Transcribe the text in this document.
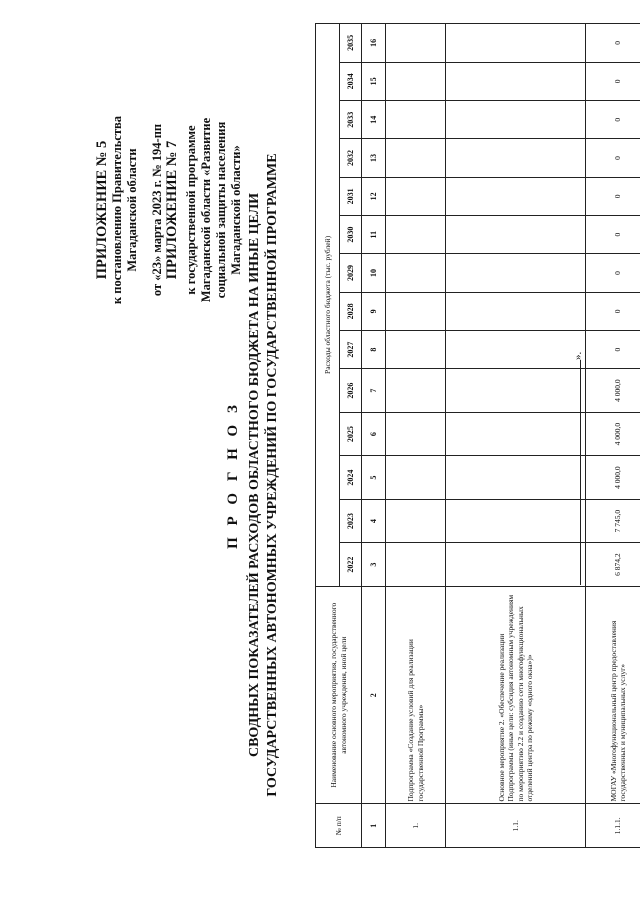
ПРИЛОЖЕНИЕ № 5 к постановлению Правительства Магаданской области от «23» марта 2023 г. № 194-пп ПРИЛОЖЕНИЕ № 7 к государственной программе Магаданской области «Развитие социальной защиты населения Магаданской области»
П Р О Г Н О З СВОДНЫХ ПОКАЗАТЕЛЕЙ РАСХОДОВ ОБЛАСТНОГО БЮДЖЕТА НА ИНЫЕ ЦЕЛИ ГОСУДАРСТВЕННЫХ АВТОНОМНЫХ УЧРЕЖДЕНИЙ ПО ГОСУДАРСТВЕННОЙ ПРОГРАММЕ
№ п/п	Наименование основного мероприятия, государственного автономного учреждения, иной цели	Расходы областного бюджета (тыс. рублей)													
		2022	2023	2024	2025	2026	2027	2028	2029	2030	2031	2032	2033	2034	2035
1	2	3	4	5	6	7	8	9	10	11	12	13	14	15	16
1.	Подпрограмма «Создание условий для реализации государственной Программы»														
1.1.	Основное мероприятие 2. «Обеспечение реализации Подпрограммы (иные цели: субсидия автономным учреждениям по мероприятию 2.2 и созданию сети многофункциональных отделений центра по режиму «одного окна»)»														
1.1.1.	МОГАУ «Многофункциональный центр предоставления государственных и муниципальных услуг»	6 874,2	7 745,0	4 000,0	4 000,0	4 000,0	0	0	0	0	0	0	0	0	0
».
